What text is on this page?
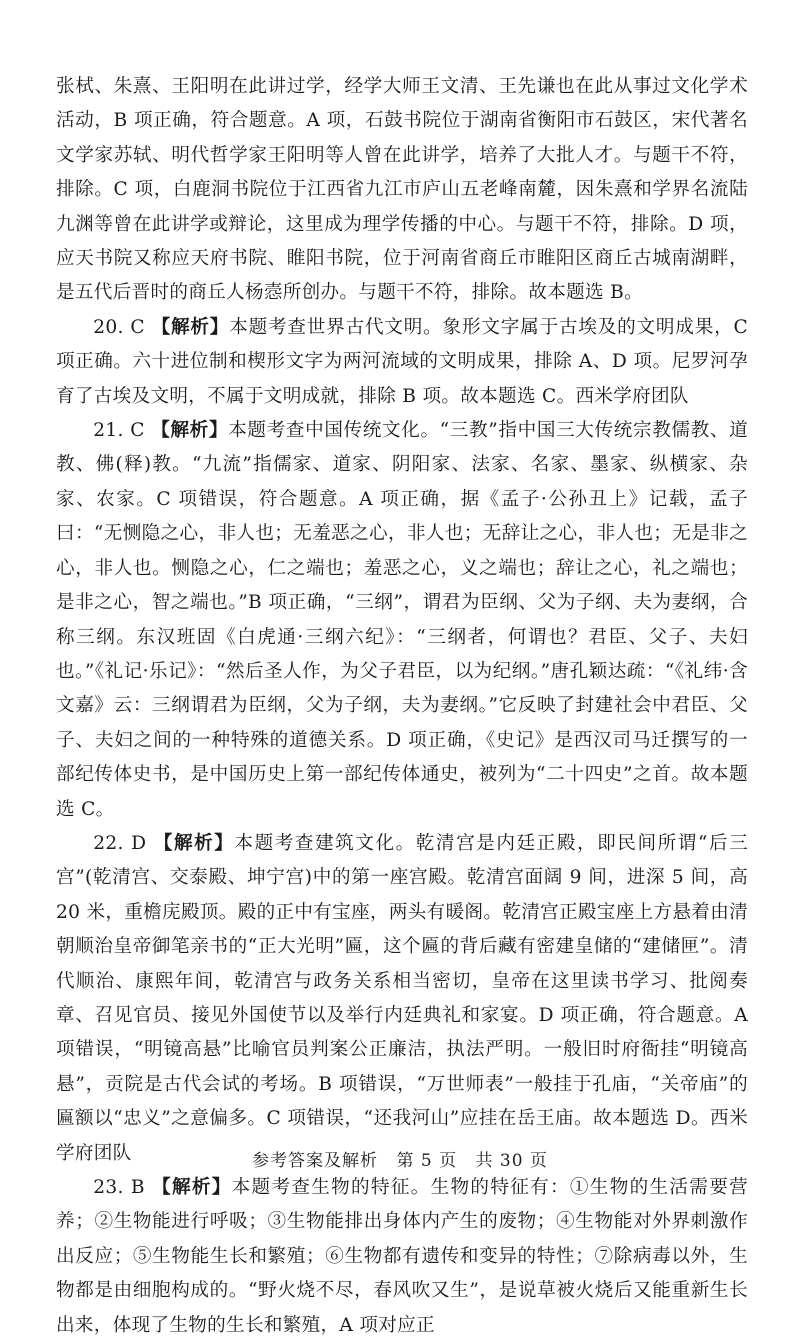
张栻、朱熹、王阳明在此讲过学，经学大师王文清、王先谦也在此从事过文化学术活动，B 项正确，符合题意。A 项，石鼓书院位于湖南省衡阳市石鼓区，宋代著名文学家苏轼、明代哲学家王阳明等人曾在此讲学，培养了大批人才。与题干不符，排除。C 项，白鹿洞书院位于江西省九江市庐山五老峰南麓，因朱熹和学界名流陆九渊等曾在此讲学或辩论，这里成为理学传播的中心。与题干不符，排除。D 项，应天书院又称应天府书院、睢阳书院，位于河南省商丘市睢阳区商丘古城南湖畔，是五代后晋时的商丘人杨悫所创办。与题干不符，排除。故本题选 B。

20. C 【解析】本题考查世界古代文明。象形文字属于古埃及的文明成果，C 项正确。六十进位制和楔形文字为两河流域的文明成果，排除 A、D 项。尼罗河孕育了古埃及文明，不属于文明成就，排除 B 项。故本题选 C。西米学府团队

21. C 【解析】本题考查中国传统文化。“三教”指中国三大传统宗教儒教、道教、佛(释)教。“九流”指儒家、道家、阴阳家、法家、名家、墨家、纵横家、杂家、农家。C 项错误，符合题意。A 项正确，据《孟子·公孙丑上》记载，孟子曰：“无恻隐之心，非人也；无羞恶之心，非人也；无辞让之心，非人也；无是非之心，非人也。恻隐之心，仁之端也；羞恶之心，义之端也；辞让之心，礼之端也；是非之心，智之端也。”B 项正确，“三纲”，谓君为臣纲、父为子纲、夫为妻纲，合称三纲。东汉班固《白虎通·三纲六纪》：“三纲者，何谓也？君臣、父子、夫妇也。”《礼记·乐记》：“然后圣人作，为父子君臣，以为纪纲。”唐孔颖达疏：“《礼纬·含文嘉》云：三纲谓君为臣纲，父为子纲，夫为妻纲。”它反映了封建社会中君臣、父子、夫妇之间的一种特殊的道德关系。D 项正确，《史记》是西汉司马迁撰写的一部纪传体史书，是中国历史上第一部纪传体通史，被列为“二十四史”之首。故本题选 C。

22. D 【解析】本题考查建筑文化。乾清宫是内廷正殿，即民间所谓“后三宫”(乾清宫、交泰殿、坤宁宫)中的第一座宫殿。乾清宫面阔 9 间，进深 5 间，高 20 米，重檐庑殿顶。殿的正中有宝座，两头有暖阁。乾清宫正殿宝座上方悬着由清朝顺治皇帝御笔亲书的“正大光明”匾，这个匾的背后藏有密建皇储的“建储匣”。清代顺治、康熙年间，乾清宫与政务关系相当密切，皇帝在这里读书学习、批阅奏章、召见官员、接见外国使节以及举行内廷典礼和家宴。D 项正确，符合题意。A 项错误，“明镜高悬”比喻官员判案公正廉洁，执法严明。一般旧时府衙挂“明镜高悬”，贡院是古代会试的考场。B 项错误，“万世师表”一般挂于孔庙，“关帝庙”的匾额以“忠义”之意偏多。C 项错误，“还我河山”应挂在岳王庙。故本题选 D。西米学府团队

23. B 【解析】本题考查生物的特征。生物的特征有：①生物的生活需要营养；②生物能进行呼吸；③生物能排出身体内产生的废物；④生物能对外界刺激作出反应；⑤生物能生长和繁殖；⑥生物都有遗传和变异的特性；⑦除病毒以外，生物都是由细胞构成的。“野火烧不尽，春风吹又生”，是说草被火烧后又能重新生长出来，体现了生物的生长和繁殖，A 项对应正

参考答案及解析 第 5 页 共 30 页
